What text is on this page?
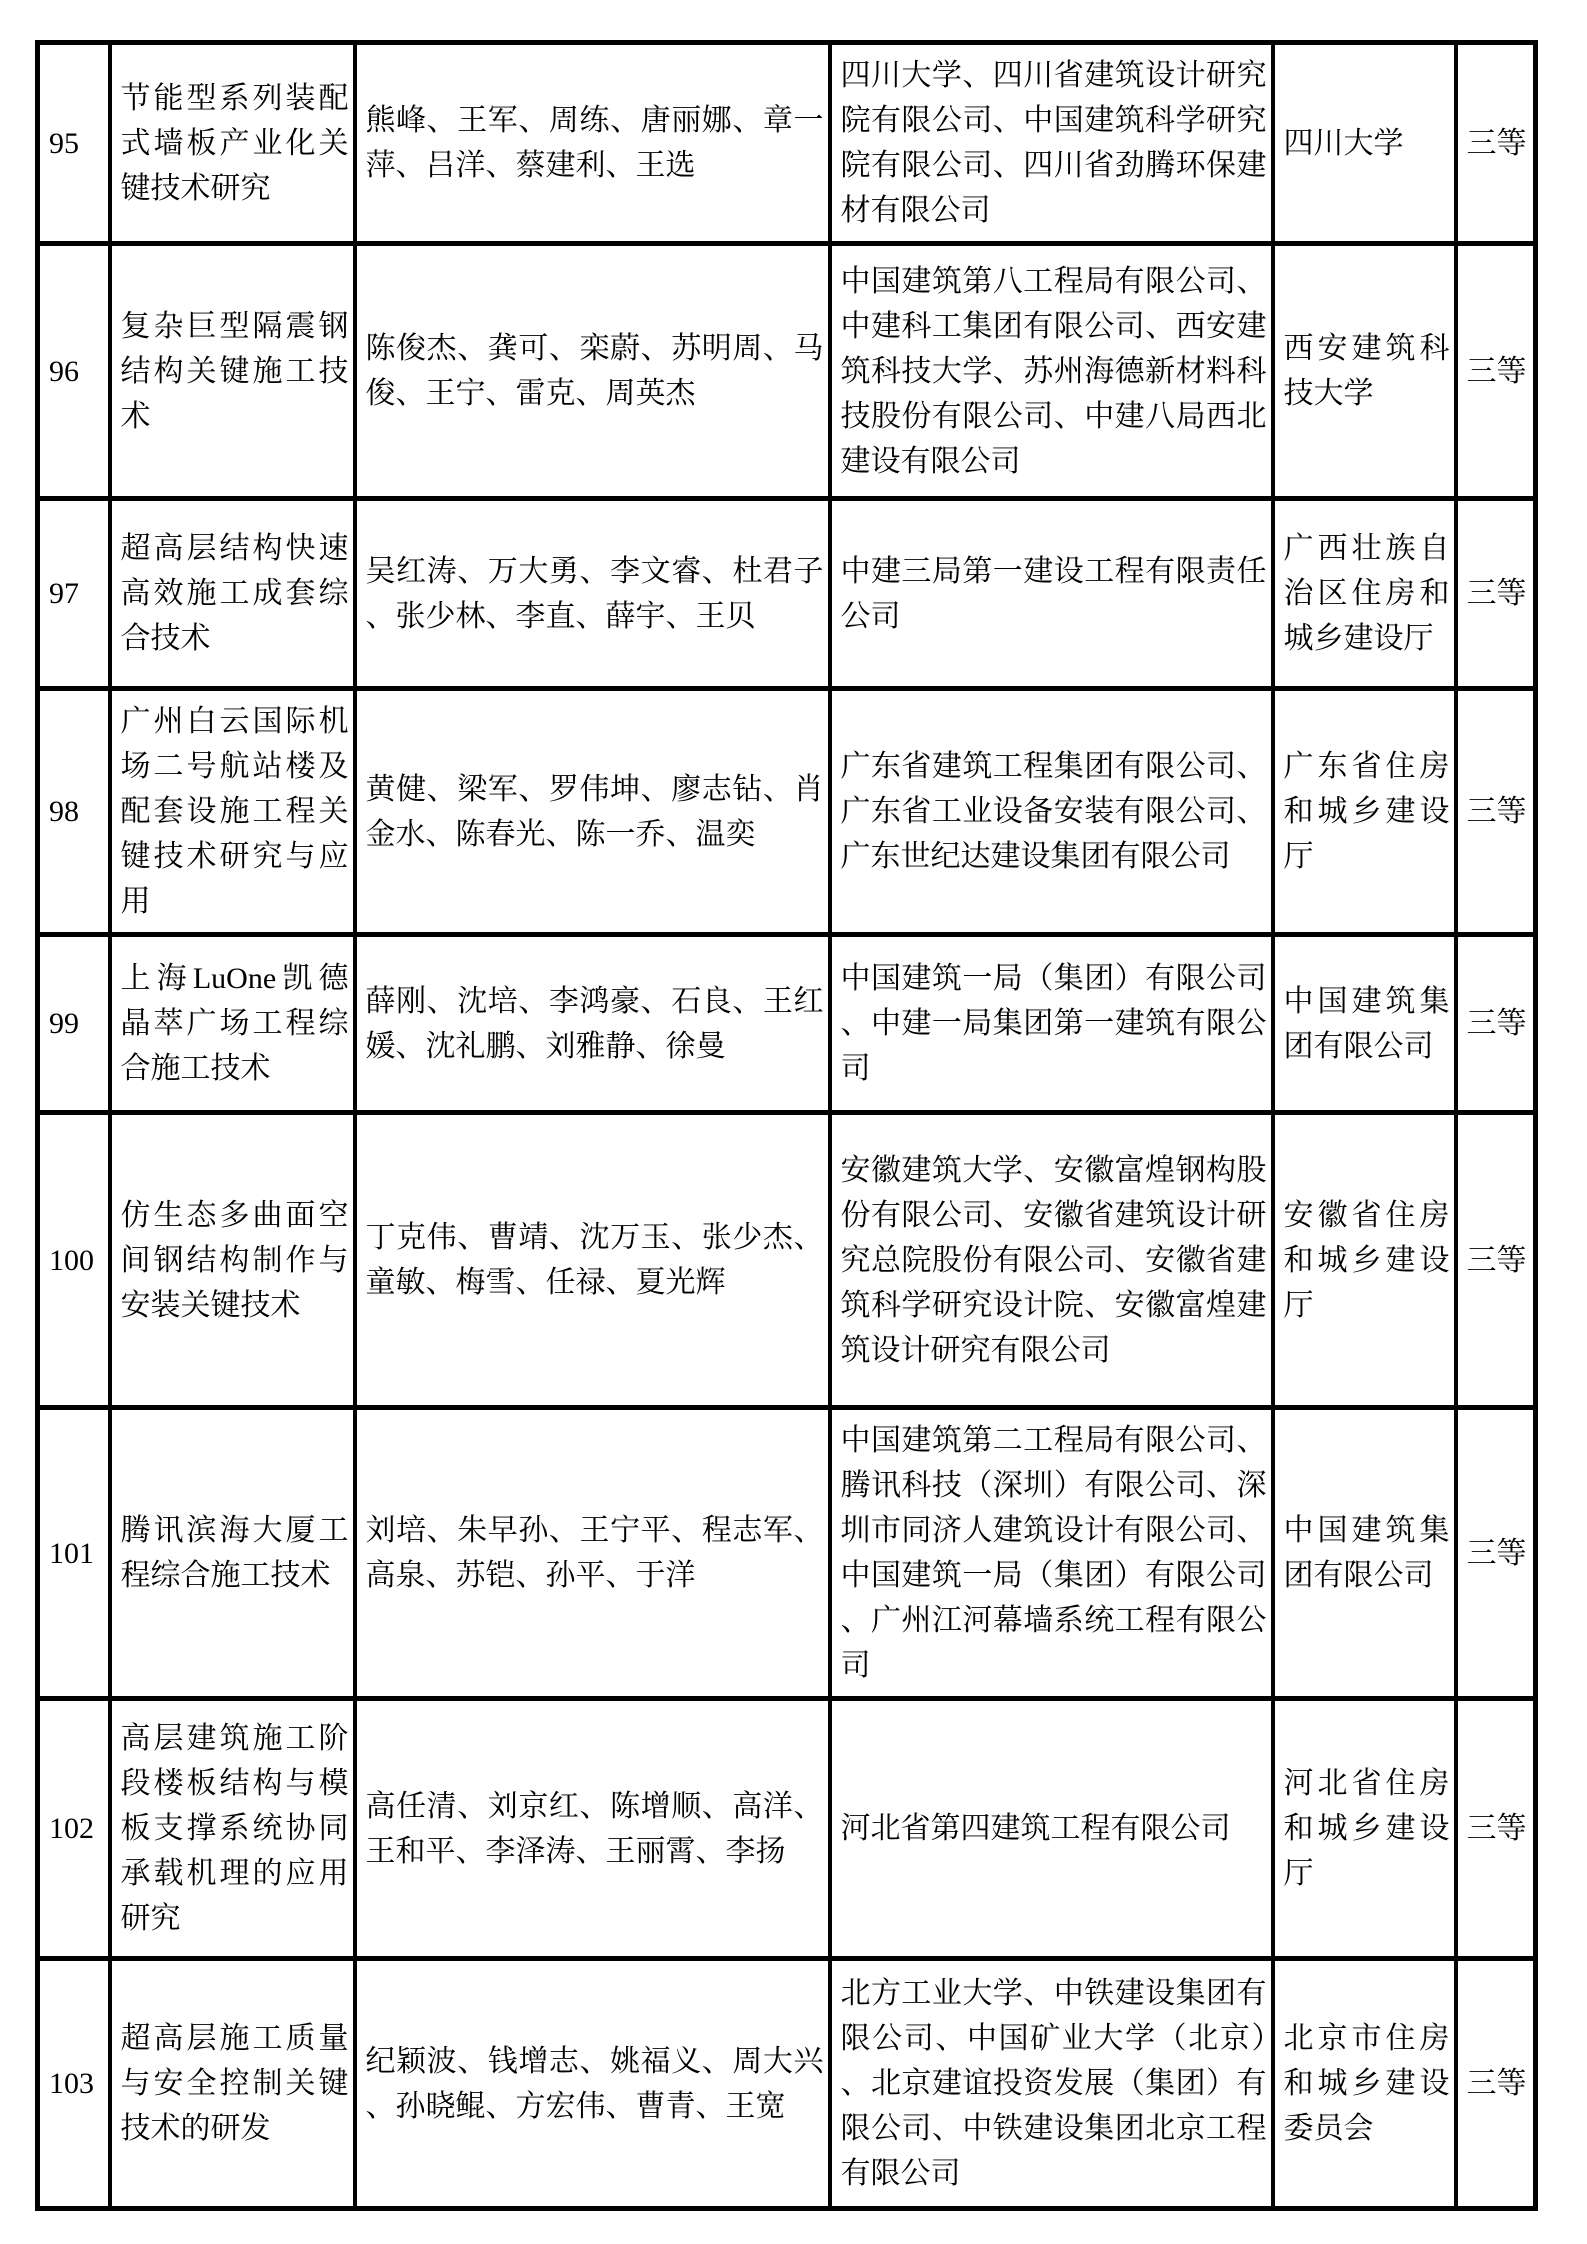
95	节能型系列装配式墙板产业化关键技术研究	熊峰、王军、周练、唐丽娜、章一萍、吕洋、蔡建利、王选	四川大学、四川省建筑设计研究院有限公司、中国建筑科学研究院有限公司、四川省劲腾环保建材有限公司	四川大学	三等
96	复杂巨型隔震钢结构关键施工技术	陈俊杰、龚可、栾蔚、苏明周、马俊、王宁、雷克、周英杰	中国建筑第八工程局有限公司、中建科工集团有限公司、西安建筑科技大学、苏州海德新材料科技股份有限公司、中建八局西北建设有限公司	西安建筑科技大学	三等
97	超高层结构快速高效施工成套综合技术	吴红涛、万大勇、李文睿、杜君子、张少林、李直、薛宇、王贝	中建三局第一建设工程有限责任公司	广西壮族自治区住房和城乡建设厅	三等
98	广州白云国际机场二号航站楼及配套设施工程关键技术研究与应用	黄健、梁军、罗伟坤、廖志钻、肖金水、陈春光、陈一乔、温奕	广东省建筑工程集团有限公司、广东省工业设备安装有限公司、广东世纪达建设集团有限公司	广东省住房和城乡建设厅	三等
99	上海LuOne凯德晶萃广场工程综合施工技术	薛刚、沈培、李鸿豪、石良、王红媛、沈礼鹏、刘雅静、徐曼	中国建筑一局（集团）有限公司、中建一局集团第一建筑有限公司	中国建筑集团有限公司	三等
100	仿生态多曲面空间钢结构制作与安装关键技术	丁克伟、曹靖、沈万玉、张少杰、童敏、梅雪、任禄、夏光辉	安徽建筑大学、安徽富煌钢构股份有限公司、安徽省建筑设计研究总院股份有限公司、安徽省建筑科学研究设计院、安徽富煌建筑设计研究有限公司	安徽省住房和城乡建设厅	三等
101	腾讯滨海大厦工程综合施工技术	刘培、朱早孙、王宁平、程志军、高泉、苏铠、孙平、于洋	中国建筑第二工程局有限公司、腾讯科技（深圳）有限公司、深圳市同济人建筑设计有限公司、中国建筑一局（集团）有限公司、广州江河幕墙系统工程有限公司	中国建筑集团有限公司	三等
102	高层建筑施工阶段楼板结构与模板支撑系统协同承载机理的应用研究	高任清、刘京红、陈增顺、高洋、王和平、李泽涛、王丽霄、李扬	河北省第四建筑工程有限公司	河北省住房和城乡建设厅	三等
103	超高层施工质量与安全控制关键技术的研发	纪颖波、钱增志、姚福义、周大兴、孙晓鲲、方宏伟、曹青、王宽	北方工业大学、中铁建设集团有限公司、中国矿业大学（北京）、北京建谊投资发展（集团）有限公司、中铁建设集团北京工程有限公司	北京市住房和城乡建设委员会	三等
